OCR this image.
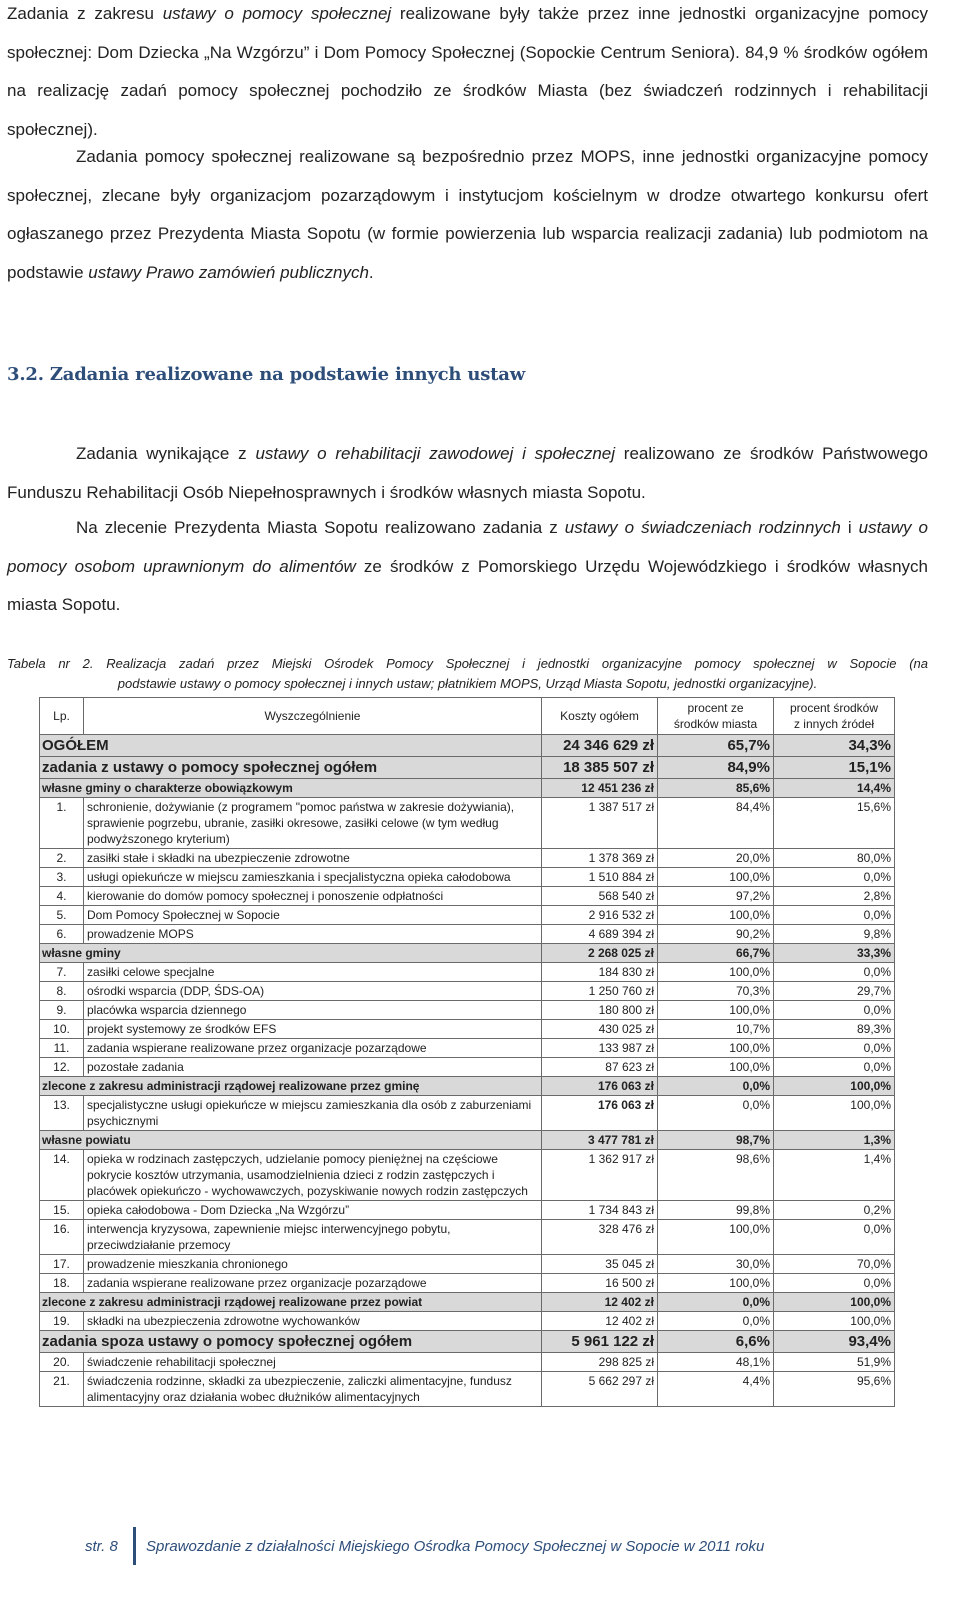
Zadania z zakresu ustawy o pomocy społecznej realizowane były także przez inne jednostki organizacyjne pomocy społecznej: Dom Dziecka „Na Wzgórzu” i Dom Pomocy Społecznej (Sopockie Centrum Seniora). 84,9 % środków ogółem na realizację zadań pomocy społecznej pochodziło ze środków Miasta (bez świadczeń rodzinnych i rehabilitacji społecznej).

Zadania pomocy społecznej realizowane są bezpośrednio przez MOPS, inne jednostki organizacyjne pomocy społecznej, zlecane były organizacjom pozarządowym i instytucjom kościelnym w drodze otwartego konkursu ofert ogłaszanego przez Prezydenta Miasta Sopotu (w formie powierzenia lub wsparcia realizacji zadania) lub podmiotom na podstawie ustawy Prawo zamówień publicznych.

3.2. Zadania realizowane na podstawie innych ustaw

Zadania wynikające z ustawy o rehabilitacji zawodowej i społecznej realizowano ze środków Państwowego Funduszu Rehabilitacji Osób Niepełnosprawnych i środków własnych miasta Sopotu.

Na zlecenie Prezydenta Miasta Sopotu realizowano zadania z ustawy o świadczeniach rodzinnych i ustawy o pomocy osobom uprawnionym do alimentów ze środków z Pomorskiego Urzędu Wojewódzkiego i środków własnych miasta Sopotu.

Tabela nr 2. Realizacja zadań przez Miejski Ośrodek Pomocy Społecznej i jednostki organizacyjne pomocy społecznej w Sopocie (na
podstawie ustawy o pomocy społecznej i innych ustaw; płatnikiem MOPS, Urząd Miasta Sopotu, jednostki organizacyjne).

Lp.	Wyszczególnienie	Koszty ogółem	procent ze
środków miasta	procent środków
z innych źródeł
OGÓŁEM		24 346 629 zł	65,7%	34,3%
zadania z ustawy o pomocy społecznej ogółem		18 385 507 zł	84,9%	15,1%
własne gminy o charakterze obowiązkowym		12 451 236 zł	85,6%	14,4%
1.	schronienie, dożywianie (z programem "pomoc państwa w zakresie dożywiania), sprawienie pogrzebu, ubranie, zasiłki okresowe, zasiłki celowe (w tym według podwyższonego kryterium)	1 387 517 zł	84,4%	15,6%
2.	zasiłki stałe i składki na ubezpieczenie zdrowotne	1 378 369 zł	20,0%	80,0%
3.	usługi opiekuńcze w miejscu zamieszkania i specjalistyczna opieka całodobowa	1 510 884 zł	100,0%	0,0%
4.	kierowanie do domów pomocy społecznej i ponoszenie odpłatności	568 540 zł	97,2%	2,8%
5.	Dom Pomocy Społecznej w Sopocie	2 916 532 zł	100,0%	0,0%
6.	prowadzenie MOPS	4 689 394 zł	90,2%	9,8%
własne gminy		2 268 025 zł	66,7%	33,3%
7.	zasiłki celowe specjalne	184 830 zł	100,0%	0,0%
8.	ośrodki wsparcia (DDP, ŚDS-OA)	1 250 760 zł	70,3%	29,7%
9.	placówka wsparcia dziennego	180 800 zł	100,0%	0,0%
10.	projekt systemowy ze środków EFS	430 025 zł	10,7%	89,3%
11.	zadania wspierane realizowane przez organizacje pozarządowe	133 987 zł	100,0%	0,0%
12.	pozostałe zadania	87 623 zł	100,0%	0,0%
zlecone z zakresu administracji rządowej realizowane przez gminę		176 063 zł	0,0%	100,0%
13.	specjalistyczne usługi opiekuńcze w miejscu zamieszkania dla osób z zaburzeniami psychicznymi	176 063 zł	0,0%	100,0%
własne powiatu		3 477 781 zł	98,7%	1,3%
14.	opieka w rodzinach zastępczych, udzielanie pomocy pieniężnej na częściowe pokrycie kosztów utrzymania, usamodzielnienia dzieci z rodzin zastępczych i placówek opiekuńczo - wychowawczych, pozyskiwanie nowych rodzin zastępczych	1 362 917 zł	98,6%	1,4%
15.	opieka całodobowa - Dom Dziecka „Na Wzgórzu”	1 734 843 zł	99,8%	0,2%
16.	interwencja kryzysowa, zapewnienie miejsc interwencyjnego pobytu, przeciwdziałanie przemocy	328 476 zł	100,0%	0,0%
17.	prowadzenie mieszkania chronionego	35 045 zł	30,0%	70,0%
18.	zadania wspierane realizowane przez organizacje pozarządowe	16 500 zł	100,0%	0,0%
zlecone z zakresu administracji rządowej realizowane przez powiat		12 402 zł	0,0%	100,0%
19.	składki na ubezpieczenia zdrowotne wychowanków	12 402 zł	0,0%	100,0%
zadania spoza ustawy o pomocy społecznej ogółem		5 961 122 zł	6,6%	93,4%
20.	świadczenie rehabilitacji społecznej	298 825 zł	48,1%	51,9%
21.	świadczenia rodzinne, składki za ubezpieczenie, zaliczki alimentacyjne, fundusz alimentacyjny oraz działania wobec dłużników alimentacyjnych	5 662 297 zł	4,4%	95,6%
str. 8	Sprawozdanie z działalności Miejskiego Ośrodka Pomocy Społecznej w Sopocie w 2011 roku
